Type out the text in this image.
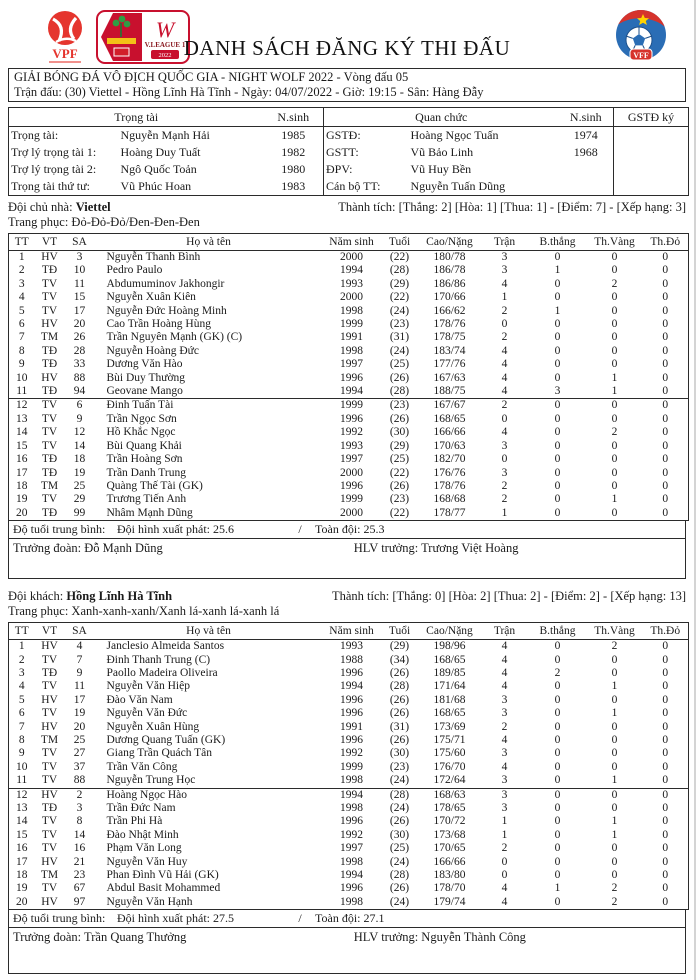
VPF
W
V.LEAGUE 1
2022 DANH SÁCH ĐĂNG KÝ THI ĐẤU	VFF
GIẢI BÓNG ĐÁ VÔ ĐỊCH QUỐC GIA - NIGHT WOLF 2022 - Vòng đấu 05
Trận đấu: (30) Viettel - Hồng Lĩnh Hà Tĩnh - Ngày: 04/07/2022 - Giờ: 19:15 - Sân: Hàng Đẫy
Trọng tài		N.sinh	Quan chức		N.sinh	GSTĐ ký
Trọng tài:	Nguyễn Mạnh Hải	1985	GSTĐ:	Hoàng Ngọc Tuấn	1974	
Trợ lý trọng tài 1:	Hoàng Duy Tuất	1982	GSTT:	Vũ Bảo Linh	1968	
Trợ lý trọng tài 2:	Ngô Quốc Toản	1980	ĐPV:	Vũ Huy Bền		
Trọng tài thứ tư:	Vũ Phúc Hoan	1983	Cán bộ TT:	Nguyễn Tuấn Dũng		
Đội chủ nhà: Viettel	Thành tích: [Thắng: 2] [Hòa: 1] [Thua: 1] - [Điểm: 7] - [Xếp hạng: 3]
Trang phục: Đỏ-Đỏ-Đỏ/Đen-Đen-Đen
TT	VT	SA	Họ và tên	Năm sinh	Tuổi	Cao/Nặng	Trận	B.thắng	Th.Vàng	Th.Đỏ
1	HV	3	Nguyễn Thanh Bình	2000	(22)	180/78	3	0	0	0
2	TĐ	10	Pedro Paulo	1994	(28)	186/78	3	1	0	0
3	TV	11	Abdumuminov Jakhongir	1993	(29)	186/86	4	0	2	0
4	TV	15	Nguyễn Xuân Kiên	2000	(22)	170/66	1	0	0	0
5	TV	17	Nguyễn Đức Hoàng Minh	1998	(24)	166/62	2	1	0	0
6	HV	20	Cao Trần Hoàng Hùng	1999	(23)	178/76	0	0	0	0
7	TM	26	Trần Nguyên Mạnh (GK) (C)	1991	(31)	178/75	2	0	0	0
8	TĐ	28	Nguyễn Hoàng Đức	1998	(24)	183/74	4	0	0	0
9	TĐ	33	Dương Văn Hào	1997	(25)	177/76	4	0	0	0
10	HV	88	Bùi Duy Thường	1996	(26)	167/63	4	0	1	0
11	TĐ	94	Geovane Mango	1994	(28)	188/75	4	3	1	0
12	TV	6	Đinh Tuấn Tài	1999	(23)	167/67	2	0	0	0
13	TV	9	Trần Ngọc Sơn	1996	(26)	168/65	0	0	0	0
14	TV	12	Hồ Khắc Ngọc	1992	(30)	166/66	4	0	2	0
15	TV	14	Bùi Quang Khải	1993	(29)	170/63	3	0	0	0
16	TĐ	18	Trần Hoàng Sơn	1997	(25)	182/70	0	0	0	0
17	TĐ	19	Trần Danh Trung	2000	(22)	176/76	3	0	0	0
18	TM	25	Quàng Thế Tài (GK)	1996	(26)	178/76	2	0	0	0
19	TV	29	Trương Tiến Anh	1999	(23)	168/68	2	0	1	0
20	TĐ	99	Nhâm Mạnh Dũng	2000	(22)	178/77	1	0	0	0
Độ tuổi trung bình: Đội hình xuất phát: 25.6	/	Toàn đội: 25.3
Trưởng đoàn: Đỗ Mạnh Dũng	HLV trưởng: Trương Việt Hoàng
Đội khách: Hồng Lĩnh Hà Tĩnh	Thành tích: [Thắng: 0] [Hòa: 2] [Thua: 2] - [Điểm: 2] - [Xếp hạng: 13]
Trang phục: Xanh-xanh-xanh/Xanh lá-xanh lá-xanh lá
TT	VT	SA	Họ và tên	Năm sinh	Tuổi	Cao/Nặng	Trận	B.thắng	Th.Vàng	Th.Đỏ
1	HV	4	Janclesio Almeida Santos	1993	(29)	198/96	4	0	2	0
2	TV	7	Đinh Thanh Trung (C)	1988	(34)	168/65	4	0	0	0
3	TĐ	9	Paollo Madeira Oliveira	1996	(26)	189/85	4	2	0	0
4	TV	11	Nguyễn Văn Hiệp	1994	(28)	171/64	4	0	1	0
5	HV	17	Đào Văn Nam	1996	(26)	181/68	3	0	0	0
6	TV	19	Nguyễn Văn Đức	1996	(26)	168/65	3	0	1	0
7	HV	20	Nguyễn Xuân Hùng	1991	(31)	173/69	2	0	0	0
8	TM	25	Dương Quang Tuấn (GK)	1996	(26)	175/71	4	0	0	0
9	TV	27	Giang Trần Quách Tân	1992	(30)	175/60	3	0	0	0
10	TV	37	Trần Văn Công	1999	(23)	176/70	4	0	0	0
11	TV	88	Nguyễn Trung Học	1998	(24)	172/64	3	0	1	0
12	HV	2	Hoàng Ngọc Hào	1994	(28)	168/63	3	0	0	0
13	TĐ	3	Trần Đức Nam	1998	(24)	178/65	3	0	0	0
14	TV	8	Trần Phi Hà	1996	(26)	170/72	1	0	1	0
15	TV	14	Đào Nhật Minh	1992	(30)	173/68	1	0	1	0
16	TV	16	Phạm Văn Long	1997	(25)	170/65	2	0	0	0
17	HV	21	Nguyễn Văn Huy	1998	(24)	166/66	0	0	0	0
18	TM	23	Phan Đình Vũ Hải (GK)	1994	(28)	183/80	0	0	0	0
19	TV	67	Abdul Basit Mohammed	1996	(26)	178/70	4	1	2	0
20	HV	97	Nguyễn Văn Hạnh	1998	(24)	179/74	4	0	2	0
Độ tuổi trung bình: Đội hình xuất phát: 27.5	/	Toàn đội: 27.1
Trưởng đoàn: Trần Quang Thưởng	HLV trưởng: Nguyễn Thành Công
